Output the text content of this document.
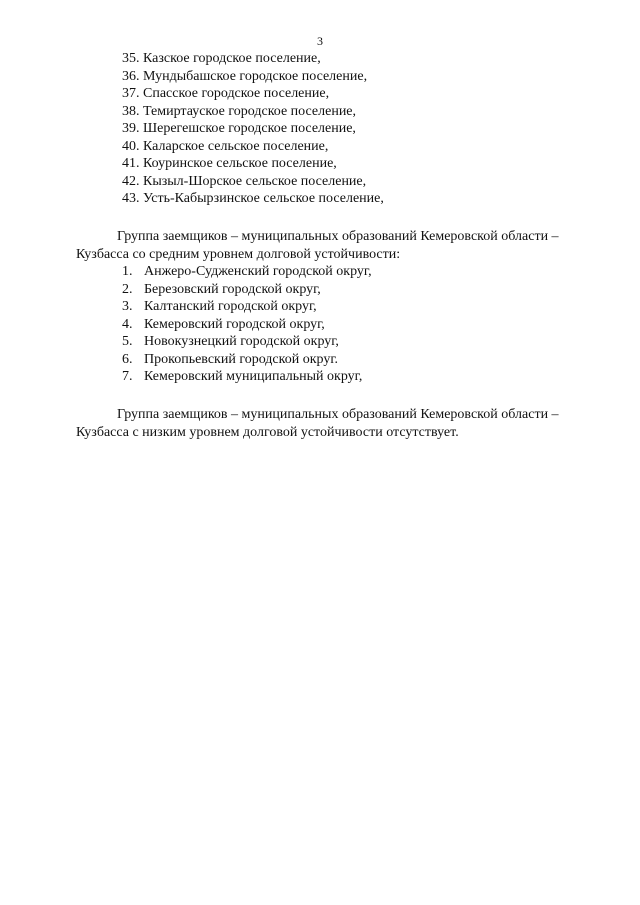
3
35. Казское городское поселение,
36. Мундыбашское городское поселение,
37. Спасское городское поселение,
38. Темиртауское городское поселение,
39. Шерегешское городское поселение,
40. Каларское сельское поселение,
41. Коуринское сельское поселение,
42. Кызыл-Шорское сельское поселение,
43. Усть-Кабырзинское сельское поселение,

Группа заемщиков – муниципальных образований Кемеровской области –
Кузбасса со средним уровнем долговой устойчивости:

1. Анжеро-Судженский городской округ,
2. Березовский городской округ,
3. Калтанский городской округ,
4. Кемеровский городской округ,
5. Новокузнецкий городской округ,
6. Прокопьевский городской округ.
7. Кемеровский муниципальный округ,

Группа заемщиков – муниципальных образований Кемеровской области –
Кузбасса с низким уровнем долговой устойчивости отсутствует.
